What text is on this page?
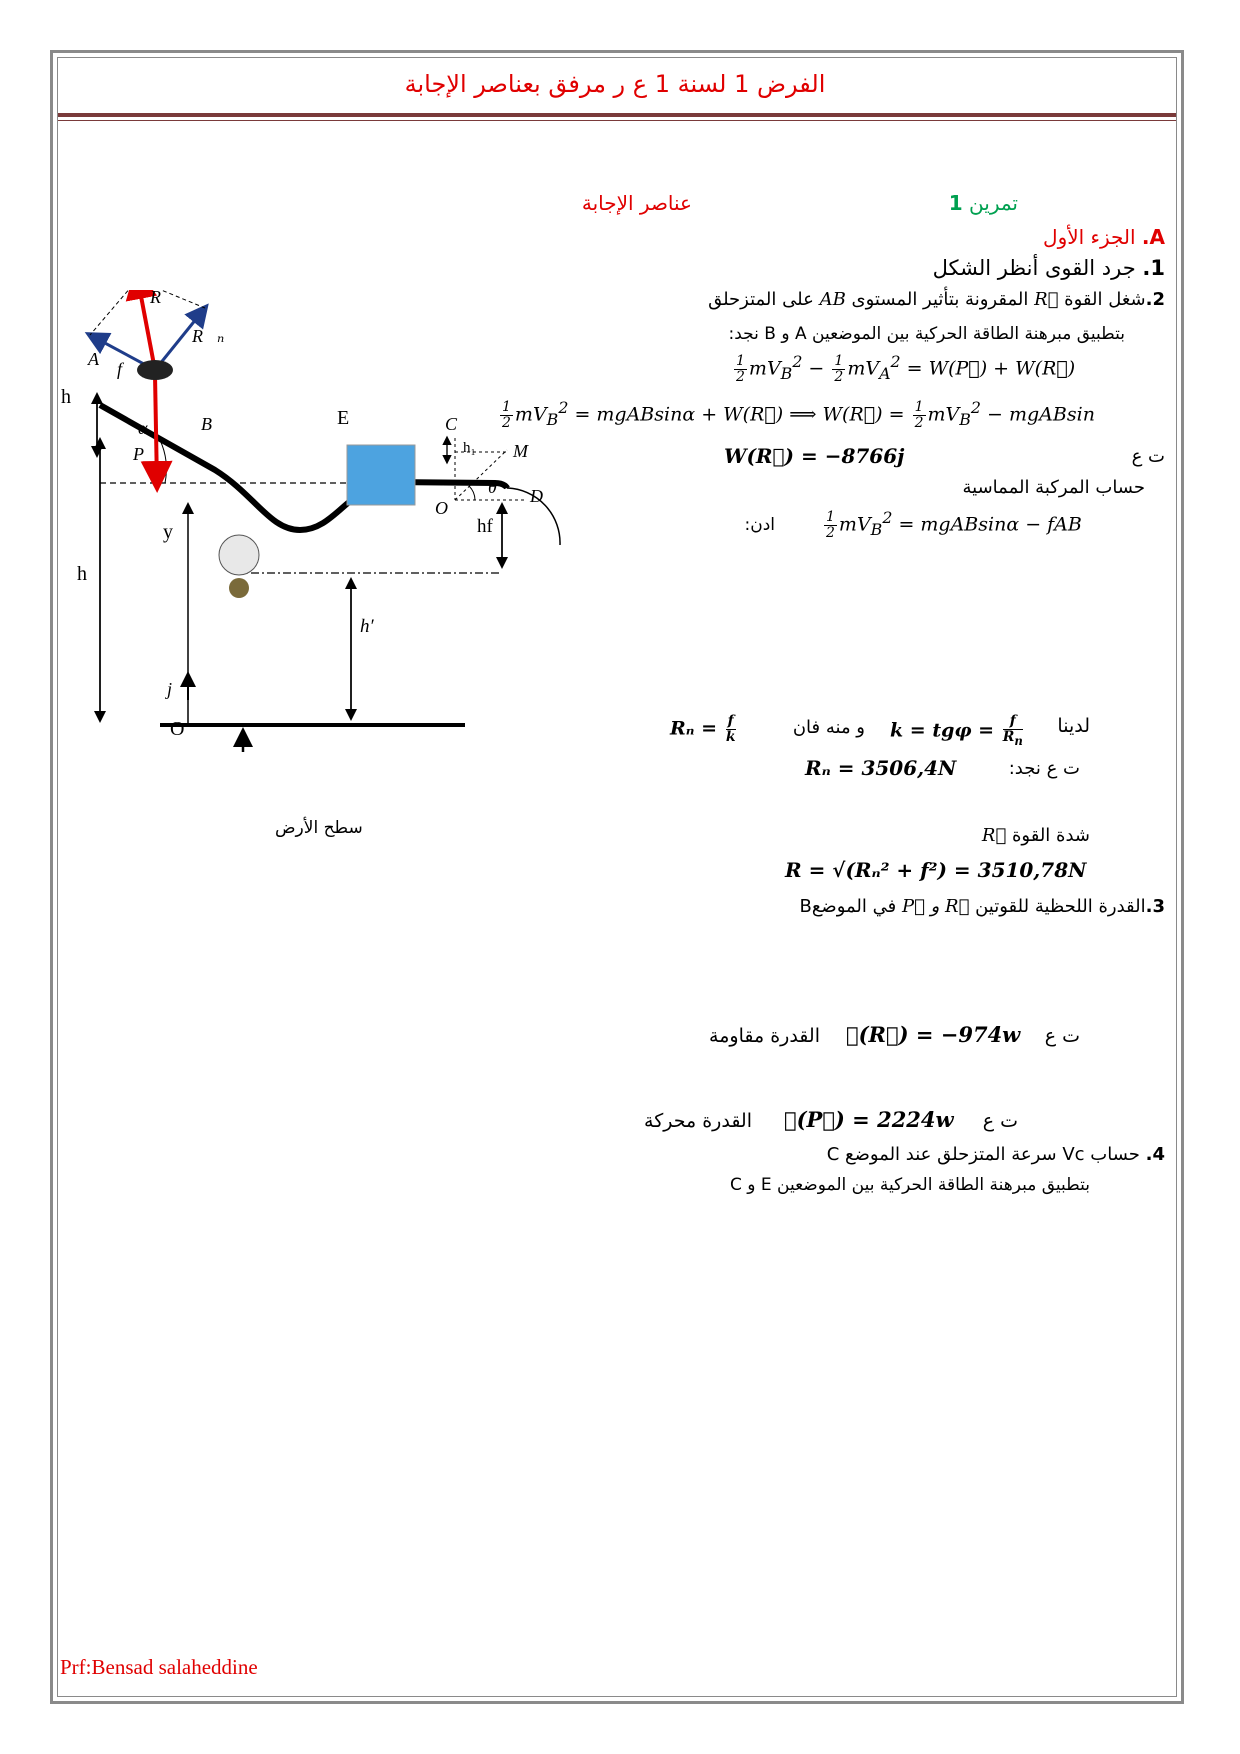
الفرض 1 لسنة 1 ع ر مرفق بعناصر الإجابة
تمرين 1
عناصر الإجابة
A. الجزء الأول
1. جرد القوى أنظر الشكل
2.شغل القوة R⃗ المقرونة بتأثير المستوى AB على المتزحلق
بتطبيق مبرهنة الطاقة الحركية بين الموضعين A و B نجد:
$\frac{1}{2} mV_B^2 - \frac{1}{2} mV_A^2$ = W(P⃗) + W(R⃗)
$\frac{1}{2} mV_B^2$ = mgABsinα + W(R⃗) ⟹ W(R⃗) = $\frac{1}{2} mV_B^2$ − mgABsin
ت ع
W(R⃗) = −8766j
حساب المركبة المماسية
ادن:	$\frac{1}{2} mV_B^2$ = mgABsinα − fAB
لدينا
$k = tg\varphi = \frac{f}{R_n}$
و منه فان
$R_n = \frac{f}{k}$
ت ع نجد:
Rₙ = 3506,4N
شدة القوة R⃗
R = √(Rₙ² + f²) = 3510,78N
3.القدرة اللحظية للقوتين R⃗ و P⃗ في الموضعB
ت ع
𝓟(R⃗) = −974w
القدرة مقاومة
ت ع
𝓟(P⃗) = 2224w
القدرة محركة
4. حساب Vc سرعة المتزحلق عند الموضع C
بتطبيق مبرهنة الطاقة الحركية بين الموضعين E و C
A
B	E	C
M
D
O
O
h
h
h₁
hf
h′
y
α
θ
R⃗
R⃗ₙ
f⃗
P⃗
j⃗
سطح الأرض
Prf:Bensad salaheddine
